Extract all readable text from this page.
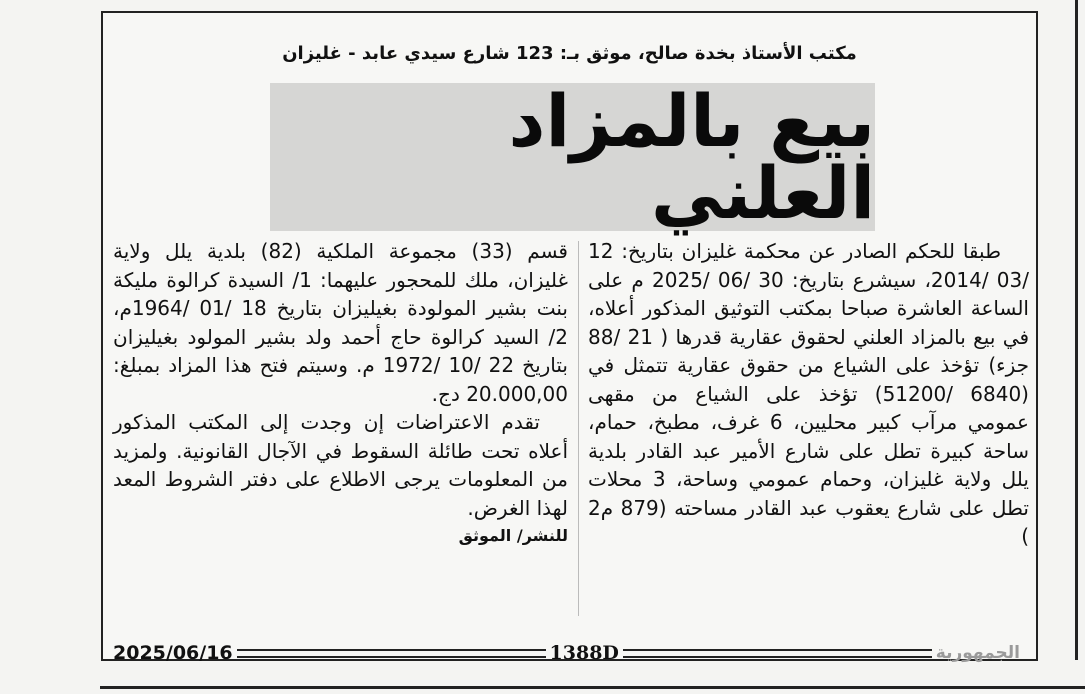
مكتب الأستاذ بخدة صالح، موثق بـ: 123 شارع سيدي عابد - غليزان
بيع بالمزاد العلني

طبقا للحكم الصادر عن محكمة غليزان بتاريخ: 12 /03 /2014، سيشرع بتاريخ: 30 /06 /2025 م على الساعة العاشرة صباحا بمكتب التوثيق المذكور أعلاه، في بيع بالمزاد العلني لحقوق عقارية قدرها ( 21 /88 جزء) تؤخذ على الشياع من حقوق عقارية تتمثل في (6840 /51200) تؤخذ على الشياع من مقهى عمومي مرآب كبير محليين، 6 غرف، مطبخ، حمام، ساحة كبيرة تطل على شارع الأمير عبد القادر بلدية يلل ولاية غليزان، وحمام عمومي وساحة، 3 محلات تطل على شارع يعقوب عبد القادر مساحته (879 م2 )

قسم (33) مجموعة الملكية (82) بلدية يلل ولاية غليزان، ملك للمحجور عليهما: 1/ السيدة كرالوة مليكة بنت بشير المولودة بغيليزان بتاريخ 18 /01 /1964م، 2/ السيد كرالوة حاج أحمد ولد بشير المولود بغيليزان بتاريخ 22 /10 /1972 م. وسيتم فتح هذا المزاد بمبلغ: 20.000,00 دج.

تقدم الاعتراضات إن وجدت إلى المكتب المذكور أعلاه تحت طائلة السقوط في الآجال القانونية. ولمزيد من المعلومات يرجى الاطلاع على دفتر الشروط المعد لهذا الغرض.

للنشر/ الموثق

2025/06/16	1388D	الجمهورية
